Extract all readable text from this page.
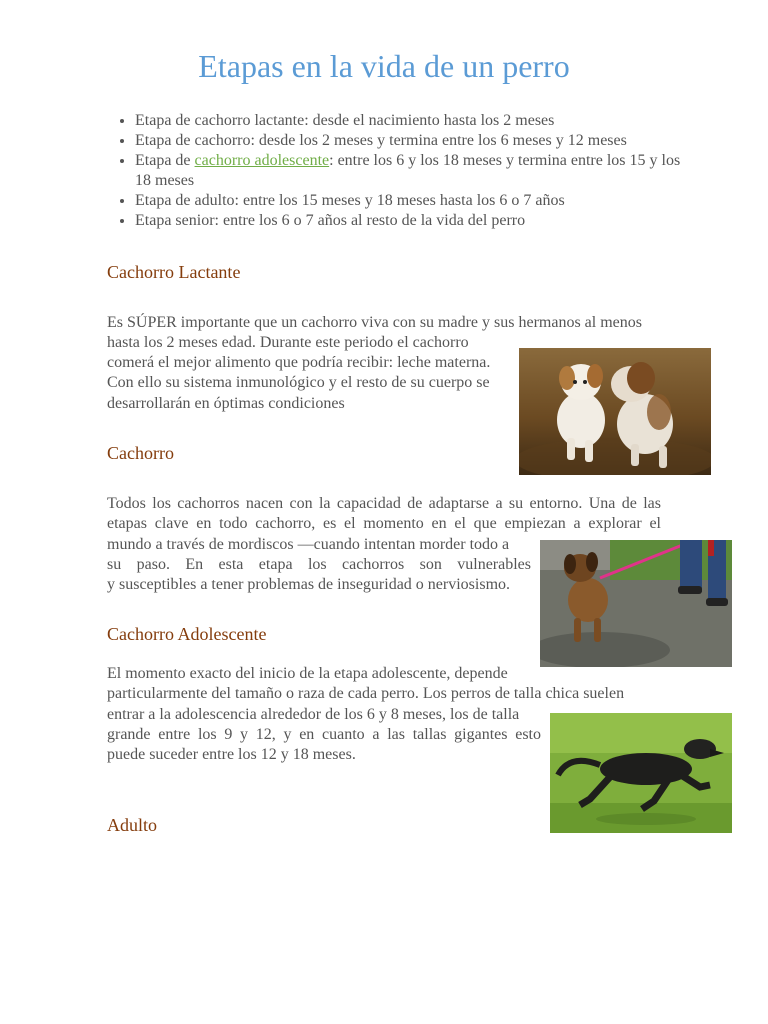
Etapas en la vida de un perro
• Etapa de cachorro lactante: desde el nacimiento hasta los 2 meses
• Etapa de cachorro: desde los 2 meses y termina entre los 6 meses y 12 meses
• Etapa de cachorro adolescente: entre los 6 y los 18 meses y termina entre los 15 y los 18 meses
• Etapa de adulto: entre los 15 meses y 18 meses hasta los 6 o 7 años
• Etapa senior: entre los 6 o 7 años al resto de la vida del perro
Cachorro Lactante

Es SÚPER importante que un cachorro viva con su madre y sus hermanos al menos

hasta los 2 meses edad. Durante este periodo el cachorro

comerá el mejor alimento que podría recibir: leche materna.

Con ello su sistema inmunológico y el resto de su cuerpo se

desarrollarán en óptimas condiciones

Cachorro

Todos los cachorros nacen con la capacidad de adaptarse a su entorno. Una de las

etapas clave en todo cachorro, es el momento en el que empiezan a explorar el

mundo a través de mordiscos —cuando intentan morder todo a

su paso. En esta etapa los cachorros son vulnerables

y susceptibles a tener problemas de inseguridad o nerviosismo.

Cachorro Adolescente

El momento exacto del inicio de la etapa adolescente, depende

particularmente del tamaño o raza de cada perro. Los perros de talla chica suelen

entrar a la adolescencia alrededor de los 6 y 8 meses, los de talla

grande entre los 9 y 12, y en cuanto a las tallas gigantes esto

puede suceder entre los 12 y 18 meses.

Adulto
